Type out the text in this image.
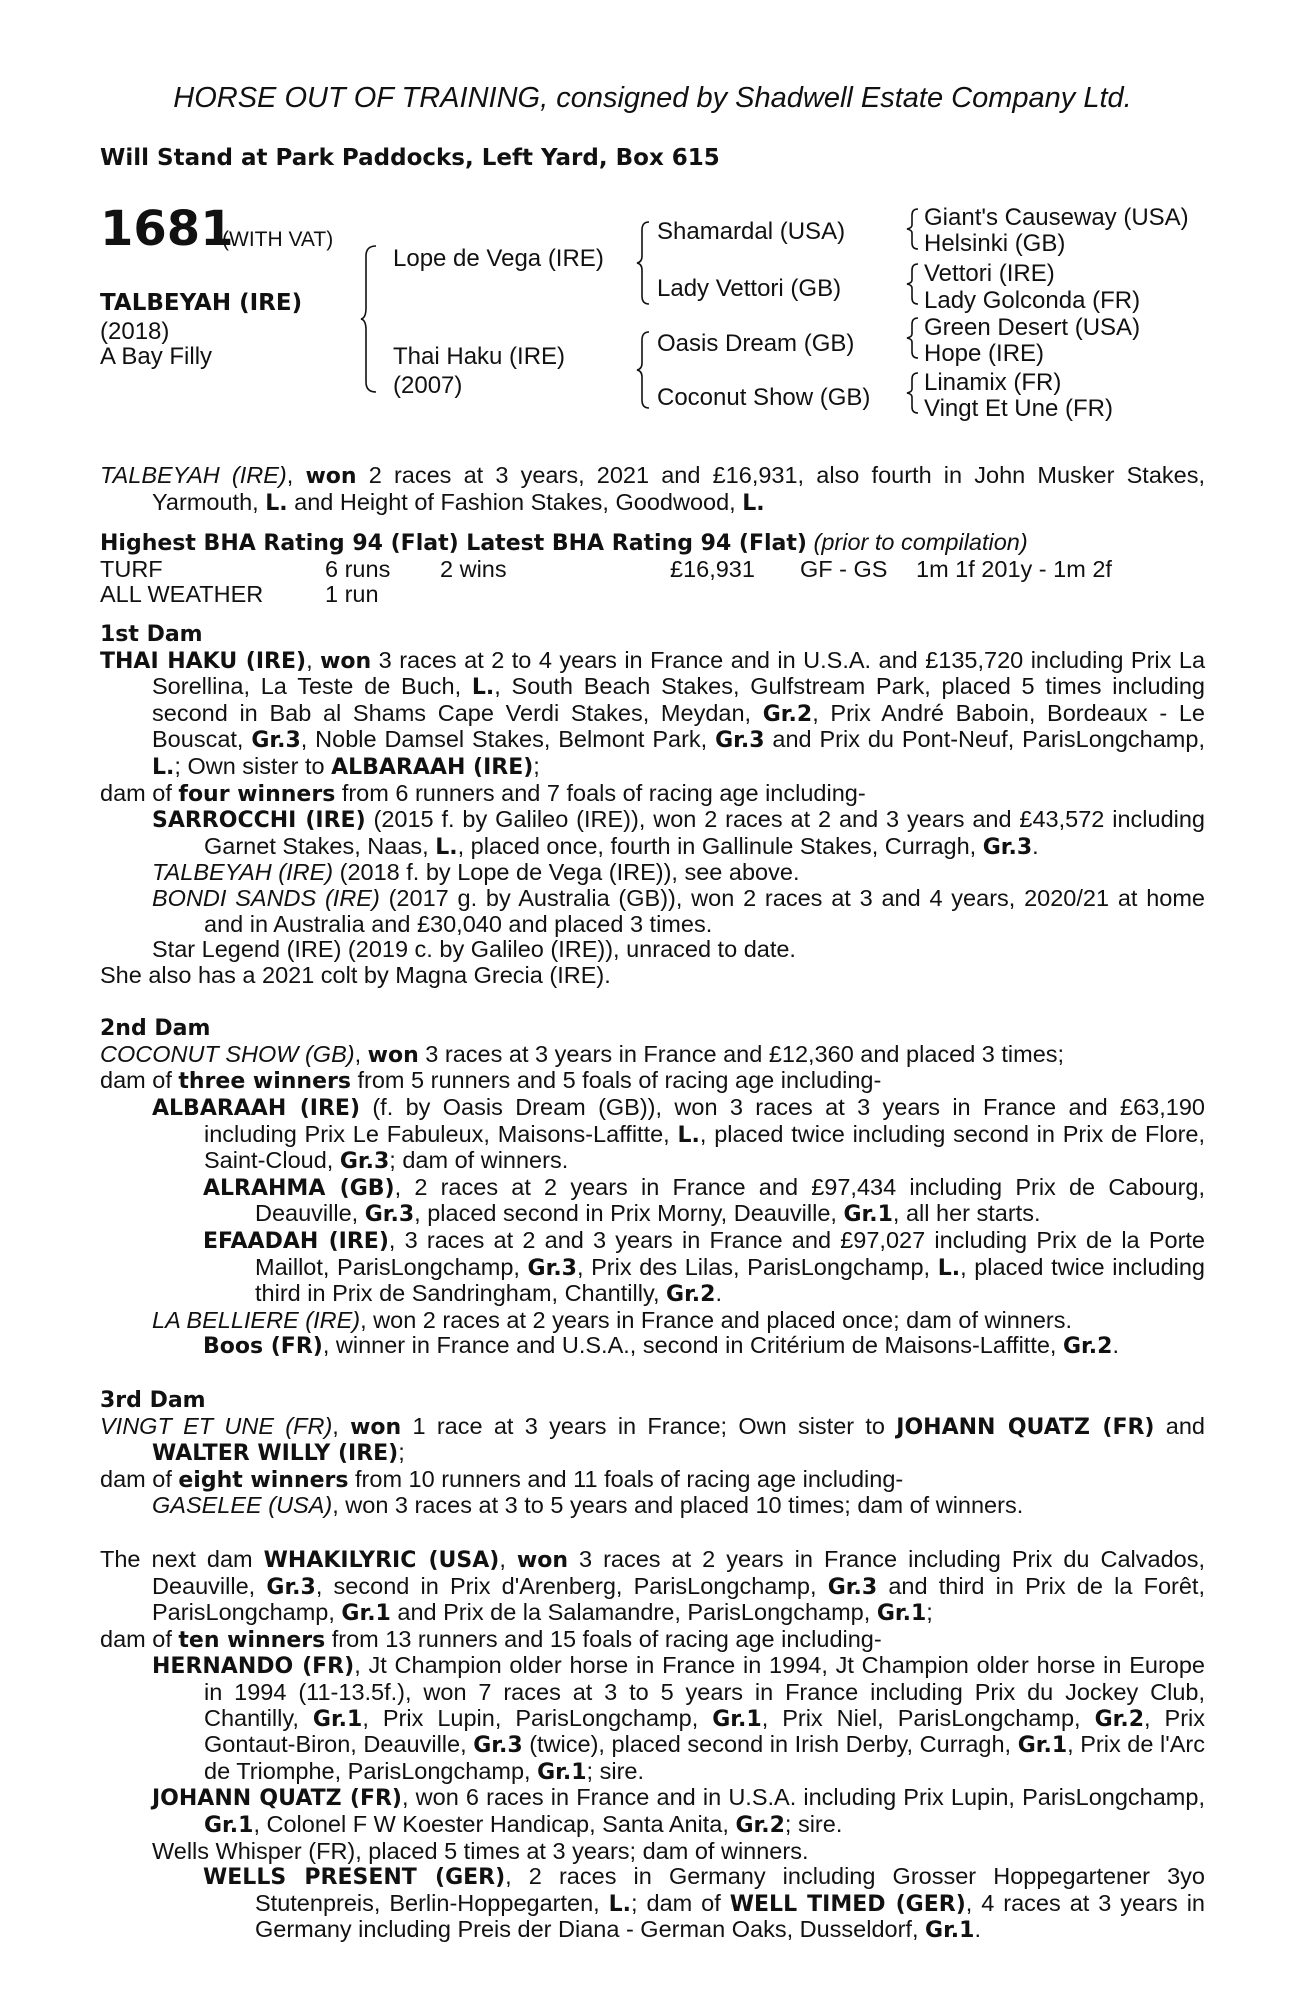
HORSE OUT OF TRAINING, consigned by Shadwell Estate Company Ltd.
Will Stand at Park Paddocks, Left Yard, Box 615
1681
(WITH VAT)
TALBEYAH (IRE)
(2018)
A Bay Filly
Lope de Vega (IRE)
Thai Haku (IRE)
(2007)
Shamardal (USA)
Lady Vettori (GB)
Oasis Dream (GB)
Coconut Show (GB)
Giant's Causeway (USA)
Helsinki (GB)
Vettori (IRE)
Lady Golconda (FR)
Green Desert (USA)
Hope (IRE)
Linamix (FR)
Vingt Et Une (FR)

TALBEYAH (IRE), won 2 races at 3 years, 2021 and £16,931, also fourth in John Musker Stakes, Yarmouth, L. and Height of Fashion Stakes, Goodwood, L.

Highest BHA Rating 94 (Flat) Latest BHA Rating 94 (Flat) (prior to compilation)

TURF	6 runs	2 wins	£16,931	GF - GS	1m 1f 201y - 1m 2f
ALL WEATHER	1 run
1st Dam

THAI HAKU (IRE), won 3 races at 2 to 4 years in France and in U.S.A. and £135,720 including Prix La Sorellina, La Teste de Buch, L., South Beach Stakes, Gulfstream Park, placed 5 times including second in Bab al Shams Cape Verdi Stakes, Meydan, Gr.2, Prix André Baboin, Bordeaux - Le Bouscat, Gr.3, Noble Damsel Stakes, Belmont Park, Gr.3 and Prix du Pont-Neuf, ParisLongchamp, L.; Own sister to ALBARAAH (IRE);

dam of four winners from 6 runners and 7 foals of racing age including-

SARROCCHI (IRE) (2015 f. by Galileo (IRE)), won 2 races at 2 and 3 years and £43,572 including Garnet Stakes, Naas, L., placed once, fourth in Gallinule Stakes, Curragh, Gr.3.

TALBEYAH (IRE) (2018 f. by Lope de Vega (IRE)), see above.

BONDI SANDS (IRE) (2017 g. by Australia (GB)), won 2 races at 3 and 4 years, 2020/21 at home and in Australia and £30,040 and placed 3 times.

Star Legend (IRE) (2019 c. by Galileo (IRE)), unraced to date.

She also has a 2021 colt by Magna Grecia (IRE).

2nd Dam

COCONUT SHOW (GB), won 3 races at 3 years in France and £12,360 and placed 3 times;

dam of three winners from 5 runners and 5 foals of racing age including-

ALBARAAH (IRE) (f. by Oasis Dream (GB)), won 3 races at 3 years in France and £63,190 including Prix Le Fabuleux, Maisons-Laffitte, L., placed twice including second in Prix de Flore, Saint-Cloud, Gr.3; dam of winners.

ALRAHMA (GB), 2 races at 2 years in France and £97,434 including Prix de Cabourg, Deauville, Gr.3, placed second in Prix Morny, Deauville, Gr.1, all her starts.

EFAADAH (IRE), 3 races at 2 and 3 years in France and £97,027 including Prix de la Porte Maillot, ParisLongchamp, Gr.3, Prix des Lilas, ParisLongchamp, L., placed twice including third in Prix de Sandringham, Chantilly, Gr.2.

LA BELLIERE (IRE), won 2 races at 2 years in France and placed once; dam of winners.

Boos (FR), winner in France and U.S.A., second in Critérium de Maisons-Laffitte, Gr.2.

3rd Dam

VINGT ET UNE (FR), won 1 race at 3 years in France; Own sister to JOHANN QUATZ (FR) and WALTER WILLY (IRE);

dam of eight winners from 10 runners and 11 foals of racing age including-

GASELEE (USA), won 3 races at 3 to 5 years and placed 10 times; dam of winners.

The next dam WHAKILYRIC (USA), won 3 races at 2 years in France including Prix du Calvados, Deauville, Gr.3, second in Prix d'Arenberg, ParisLongchamp, Gr.3 and third in Prix de la Forêt, ParisLongchamp, Gr.1 and Prix de la Salamandre, ParisLongchamp, Gr.1;

dam of ten winners from 13 runners and 15 foals of racing age including-

HERNANDO (FR), Jt Champion older horse in France in 1994, Jt Champion older horse in Europe in 1994 (11-13.5f.), won 7 races at 3 to 5 years in France including Prix du Jockey Club, Chantilly, Gr.1, Prix Lupin, ParisLongchamp, Gr.1, Prix Niel, ParisLongchamp, Gr.2, Prix Gontaut-Biron, Deauville, Gr.3 (twice), placed second in Irish Derby, Curragh, Gr.1, Prix de l'Arc de Triomphe, ParisLongchamp, Gr.1; sire.

JOHANN QUATZ (FR), won 6 races in France and in U.S.A. including Prix Lupin, ParisLongchamp, Gr.1, Colonel F W Koester Handicap, Santa Anita, Gr.2; sire.

Wells Whisper (FR), placed 5 times at 3 years; dam of winners.

WELLS PRESENT (GER), 2 races in Germany including Grosser Hoppegartener 3yo Stutenpreis, Berlin-Hoppegarten, L.; dam of WELL TIMED (GER), 4 races at 3 years in Germany including Preis der Diana - German Oaks, Dusseldorf, Gr.1.
